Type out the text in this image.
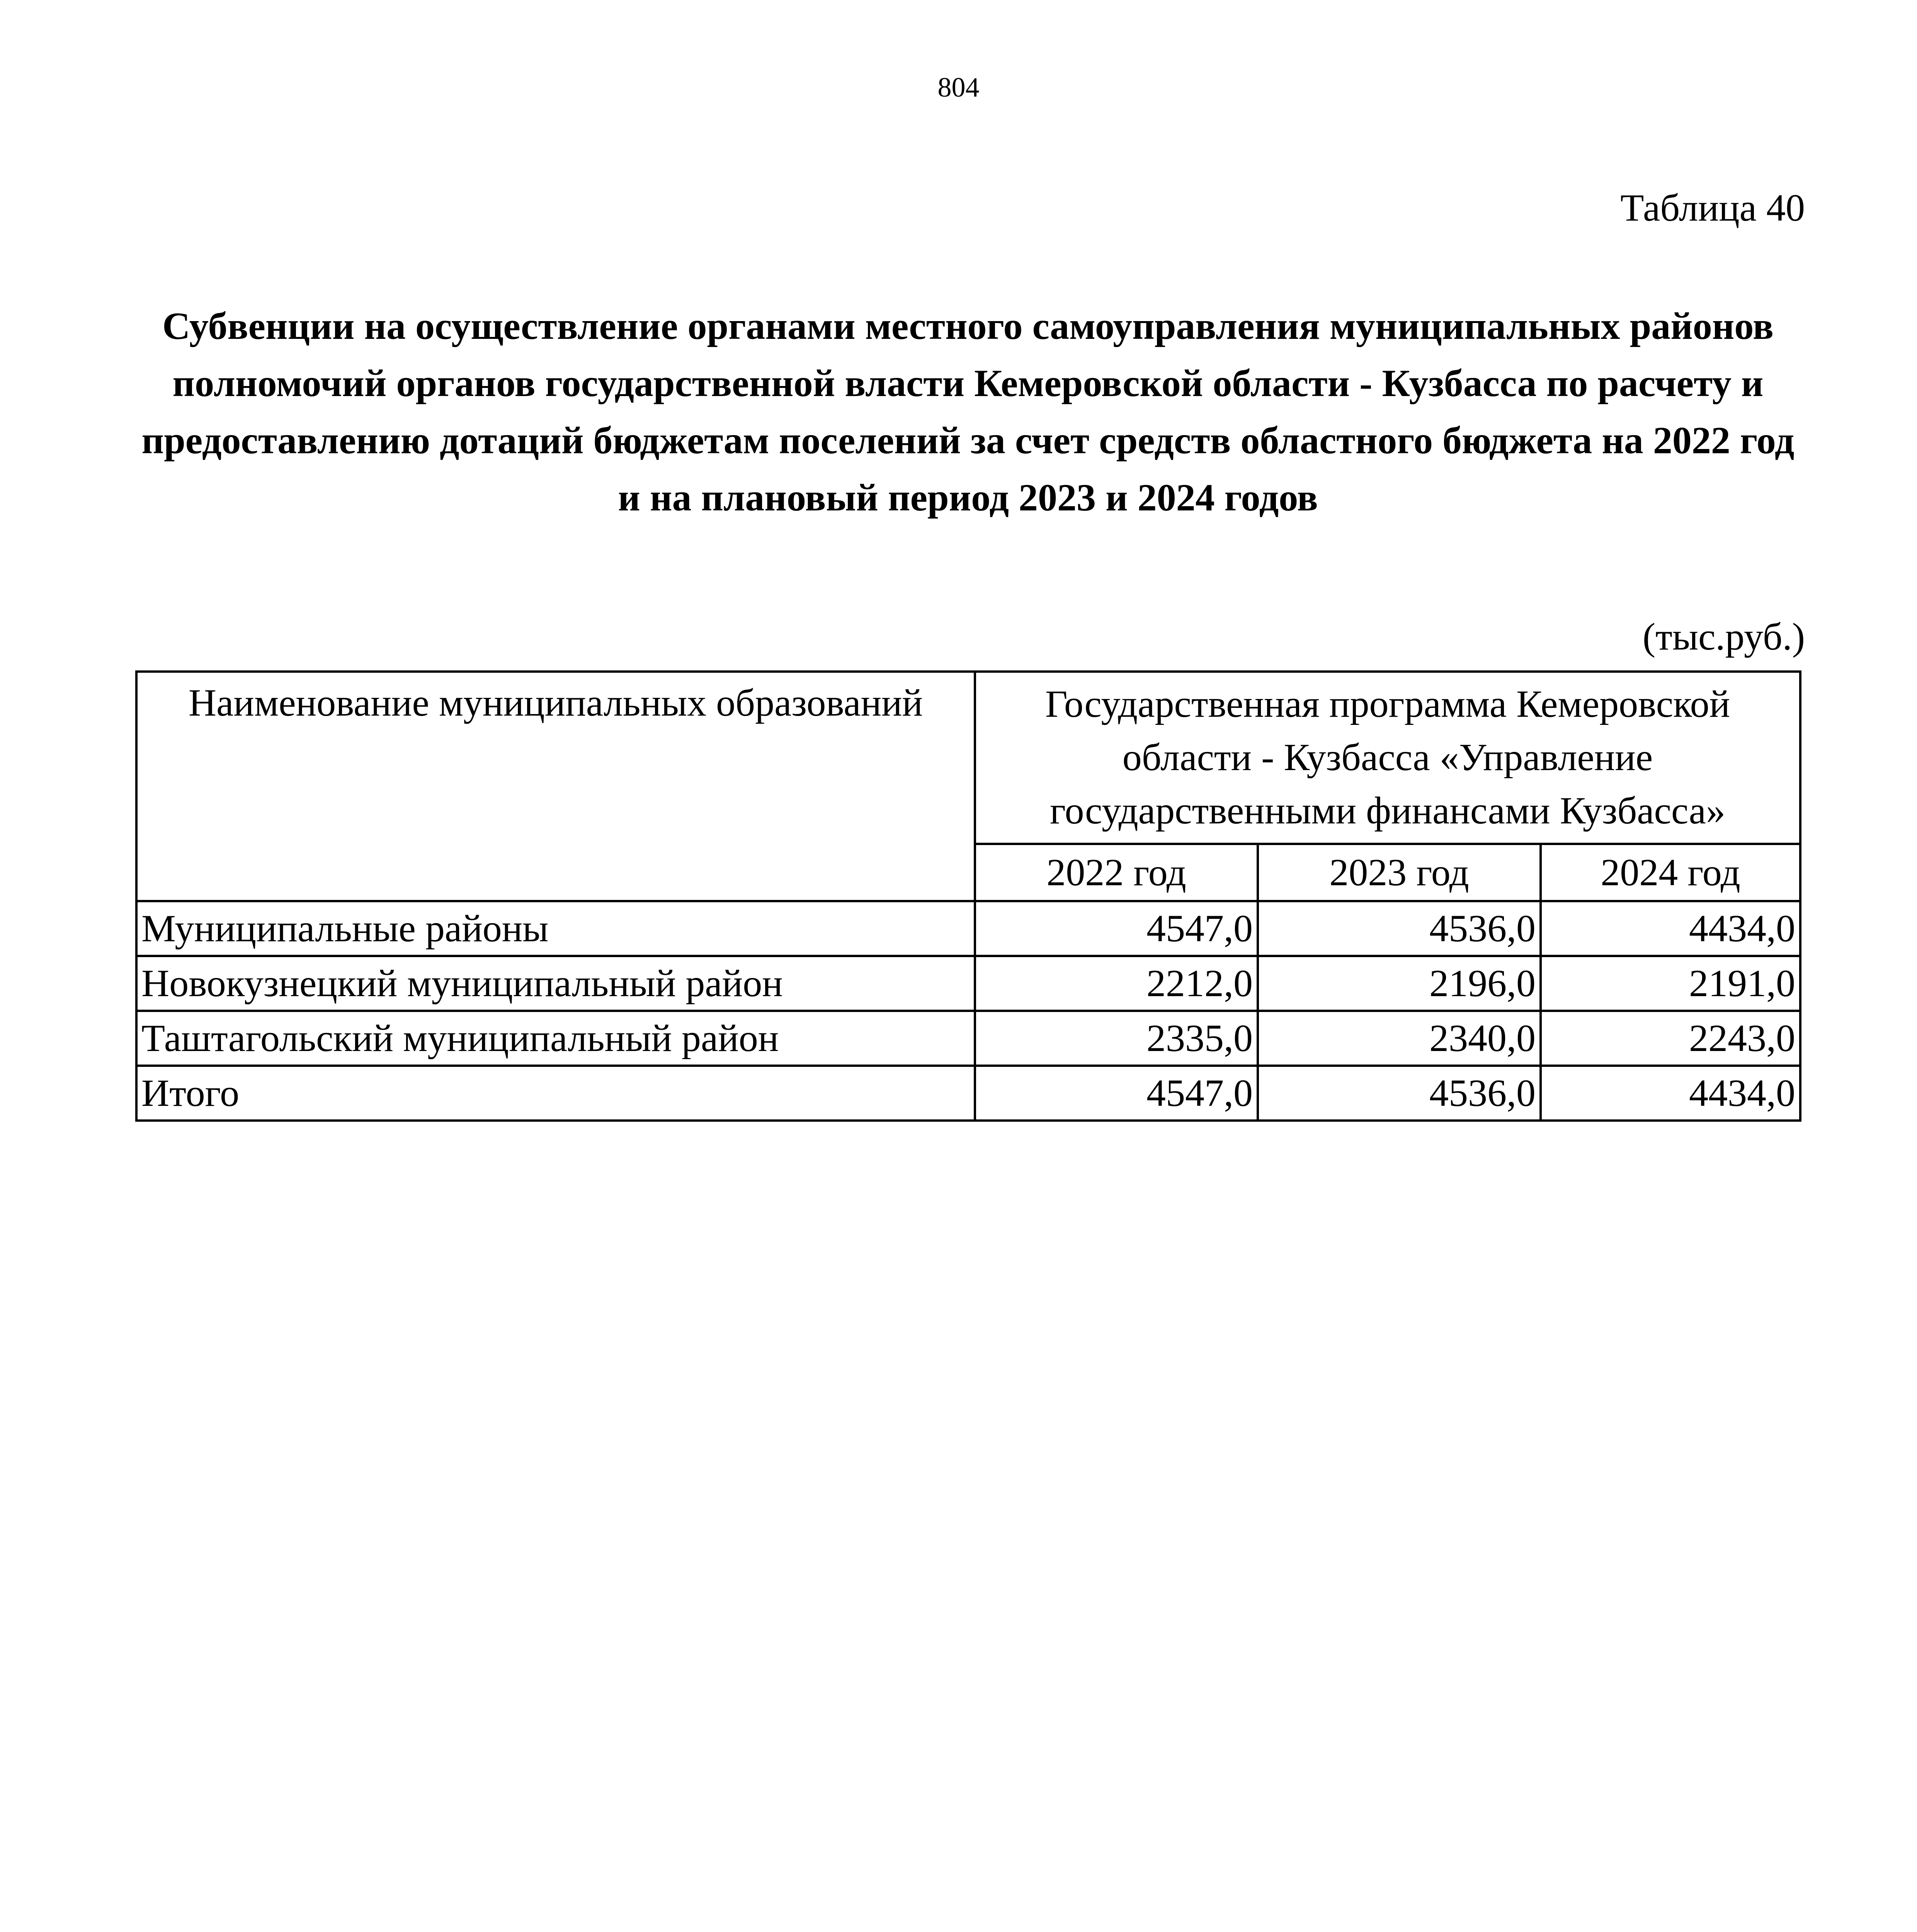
804
Таблица 40
Субвенции на осуществление органами местного самоуправления муниципальных районов полномочий органов государственной власти Кемеровской области - Кузбасса по расчету и предоставлению дотаций бюджетам поселений за счет средств областного бюджета на 2022 год и на плановый период 2023 и 2024 годов
(тыс.руб.)
Наименование муниципальных образований	Государственная программа Кемеровской области - Кузбасса «Управление государственными финансами Кузбасса»		
	2022 год	2023 год	2024 год
Муниципальные районы	4547,0	4536,0	4434,0
Новокузнецкий муниципальный район	2212,0	2196,0	2191,0
Таштагольский муниципальный район	2335,0	2340,0	2243,0
Итого	4547,0	4536,0	4434,0
